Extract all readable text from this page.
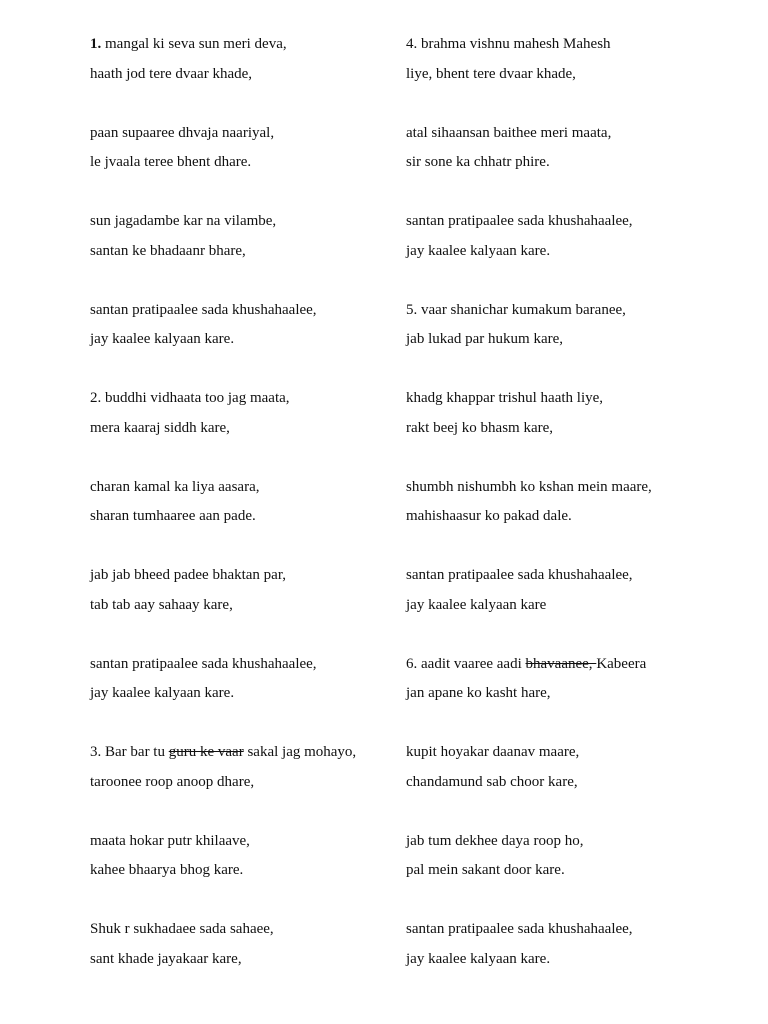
1. mangal ki seva sun meri deva,
haath jod tere dvaar khade,
paan supaaree dhvaja naariyal,
le jvaala teree bhent dhare.
sun jagadambe kar na vilambe,
santan ke bhadaanr bhare,
santan pratipaalee sada khushahaalee,
jay kaalee kalyaan kare.
2. buddhi vidhaata too jag maata,
mera kaaraj siddh kare,
charan kamal ka liya aasara,
sharan tumhaaree aan pade.
jab jab bheed padee bhaktan par,
tab tab aay sahaay kare,
santan pratipaalee sada khushahaalee,
jay kaalee kalyaan kare.
3. Bar bar tu guru ke vaar sakal jag mohayo,
taroonee roop anoop dhare,
maata hokar putr khilaave,
kahee bhaarya bhog kare.
Shuk r sukhadaee sada sahaee,
sant khade jayakaar kare,
4. brahma vishnu mahesh Mahesh
liye, bhent tere dvaar khade,
atal sihaansan baithee meri maata,
sir sone ka chhatr phire.
santan pratipaalee sada khushahaalee,
jay kaalee kalyaan kare.
5. vaar shanichar kumakum baranee,
jab lukad par hukum kare,
khadg khappar trishul haath liye,
rakt beej ko bhasm kare,
shumbh nishumbh ko kshan mein maare,
mahishaasur ko pakad dale.
santan pratipaalee sada khushahaalee,
jay kaalee kalyaan kare
6. aadit vaaree aadi bhavaanee, Kabeera
jan apane ko kasht hare,
kupit hoyakar daanav maare,
chandamund sab choor kare,
jab tum dekhee daya roop ho,
pal mein sakant door kare.
santan pratipaalee sada khushahaalee,
jay kaalee kalyaan kare.
